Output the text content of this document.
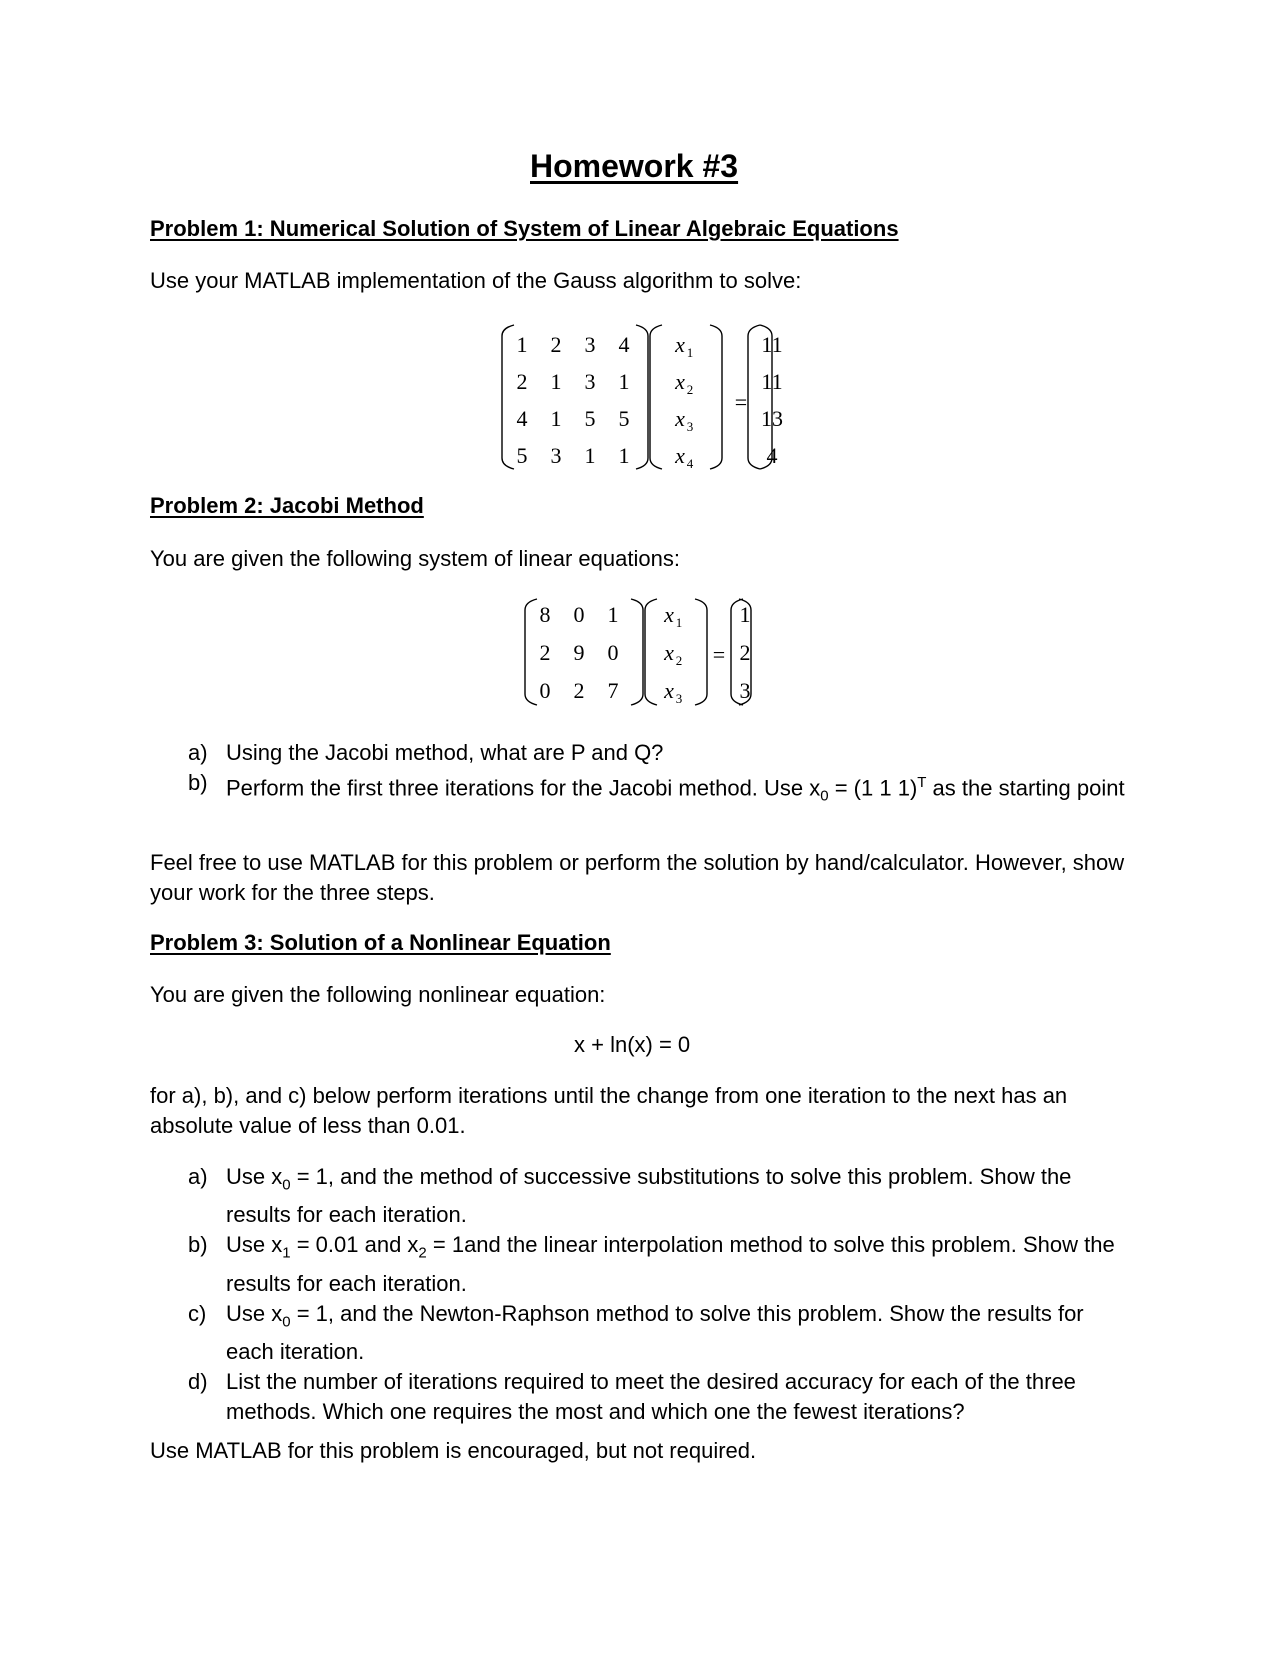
Homework #3
Problem 1: Numerical Solution of System of Linear Algebraic Equations
Use your MATLAB implementation of the Gauss algorithm to solve:
1 2 3 4 x 1	11
2 1 3 1 x 2	11
4 1 5 5 x 3	13
5 3 1 1 x 4	4
=
Problem 2: Jacobi Method
You are given the following system of linear equations:
8 0 1 x 1	1
2 9 0 x 2	2
0 2 7 x 3	3
=
a) Using the Jacobi method, what are P and Q?
b) Perform the first three iterations for the Jacobi method. Use $x_0 = (1$ 1 1)$^T$ as the starting point
Feel free to use MATLAB for this problem or perform the solution by hand/calculator. However, show your work for the three steps.
Problem 3: Solution of a Nonlinear Equation
You are given the following nonlinear equation:
x + ln(x) = 0
for a), b), and c) below perform iterations until the change from one iteration to the next has an absolute value of less than 0.01.
a) Use $x_0 = 1$, and the method of successive substitutions to solve this problem. Show the results for each iteration.
b) Use $x_1 = 0.01$ and $x_2 = 1and$ the linear interpolation method to solve this problem. Show the results for each iteration.
c) Use $x_0 = 1$, and the Newton-Raphson method to solve this problem. Show the results for each iteration.
d) List the number of iterations required to meet the desired accuracy for each of the three methods. Which one requires the most and which one the fewest iterations?
Use MATLAB for this problem is encouraged, but not required.
